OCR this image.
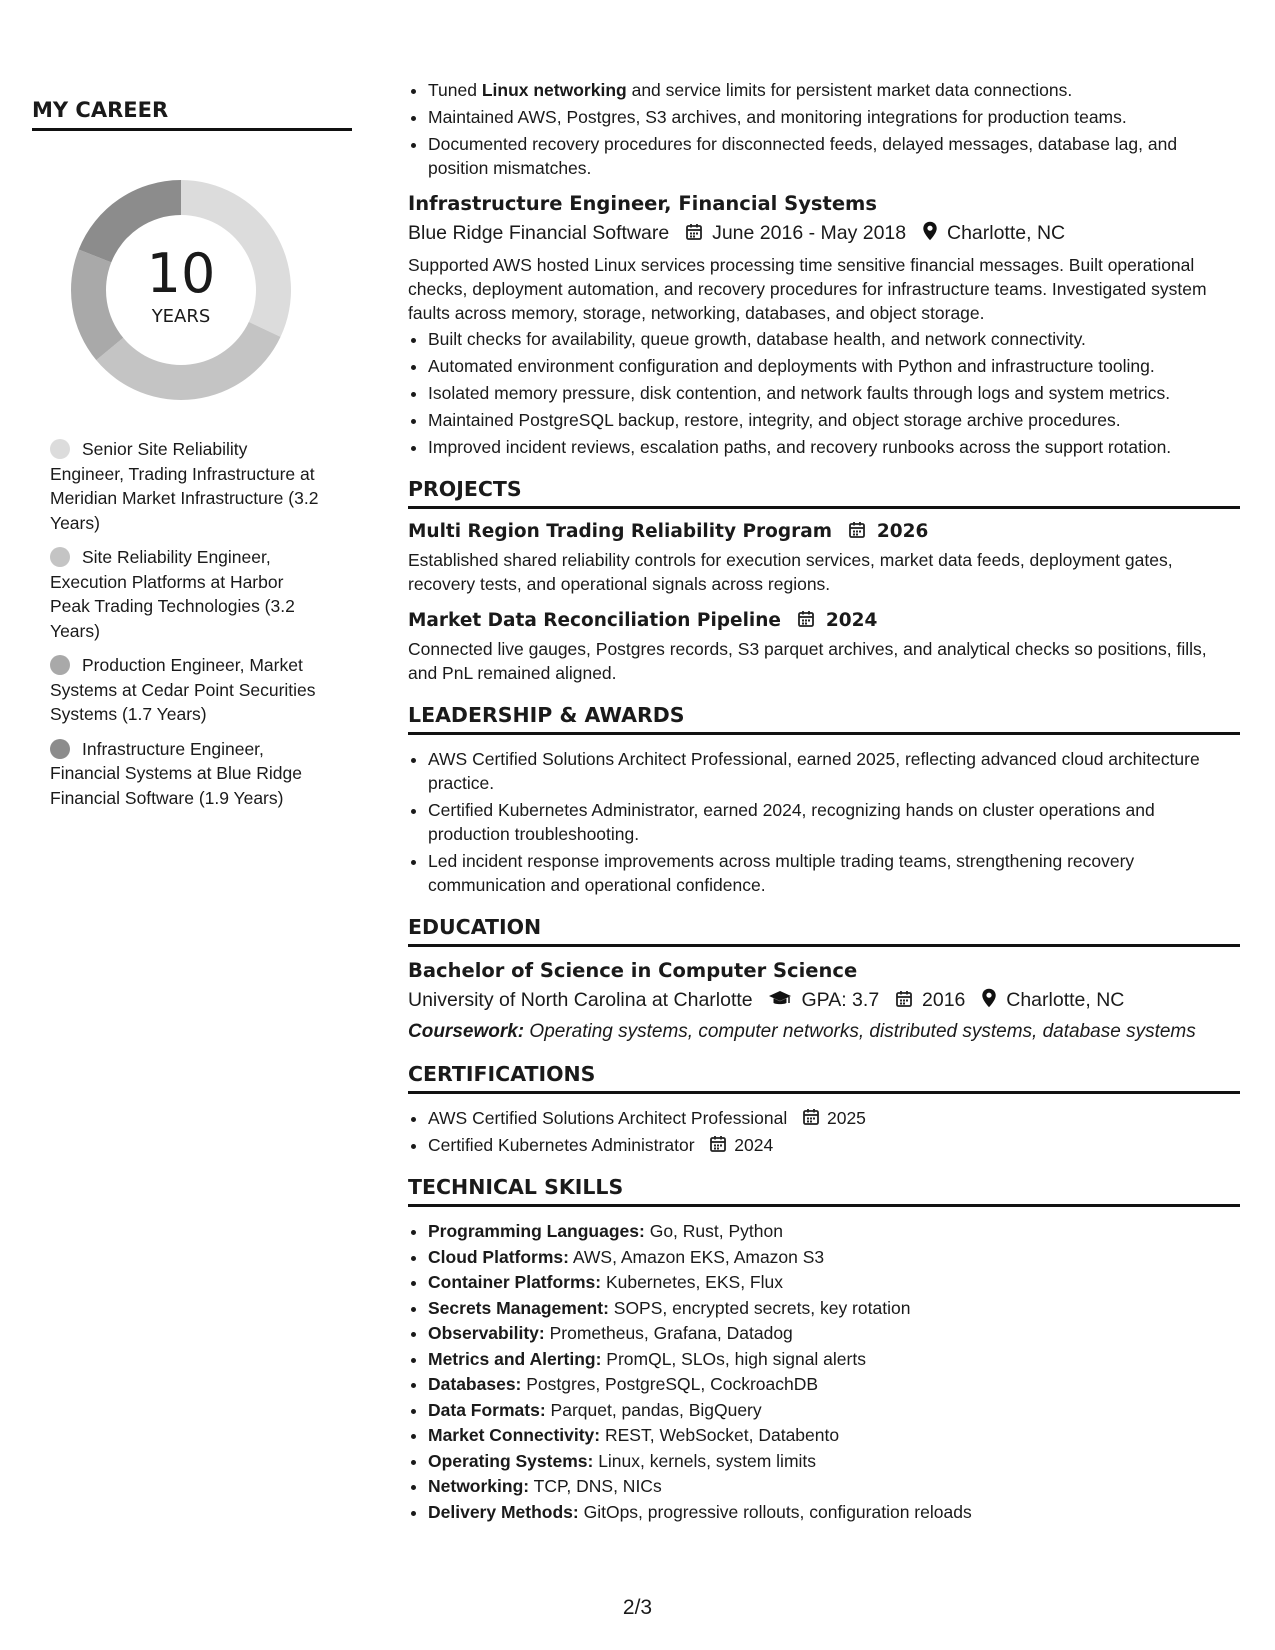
MY CAREER
10
YEARS
Senior Site Reliability Engineer, Trading Infrastructure at Meridian Market Infrastructure (3.2 Years)
Site Reliability Engineer, Execution Platforms at Harbor Peak Trading Technologies (3.2 Years)
Production Engineer, Market Systems at Cedar Point Securities Systems (1.7 Years)
Infrastructure Engineer, Financial Systems at Blue Ridge Financial Software (1.9 Years)
• Tuned Linux networking and service limits for persistent market data connections.
• Maintained AWS, Postgres, S3 archives, and monitoring integrations for production teams.
• Documented recovery procedures for disconnected feeds, delayed messages, database lag, and position mismatches.
Infrastructure Engineer, Financial Systems
Blue Ridge Financial Software June 2016 - May 2018 Charlotte, NC
Supported AWS hosted Linux services processing time sensitive financial messages. Built operational checks, deployment automation, and recovery procedures for infrastructure teams. Investigated system faults across memory, storage, networking, databases, and object storage.
• Built checks for availability, queue growth, database health, and network connectivity.
• Automated environment configuration and deployments with Python and infrastructure tooling.
• Isolated memory pressure, disk contention, and network faults through logs and system metrics.
• Maintained PostgreSQL backup, restore, integrity, and object storage archive procedures.
• Improved incident reviews, escalation paths, and recovery runbooks across the support rotation.
PROJECTS
Multi Region Trading Reliability Program 2026
Established shared reliability controls for execution services, market data feeds, deployment gates, recovery tests, and operational signals across regions.
Market Data Reconciliation Pipeline 2024
Connected live gauges, Postgres records, S3 parquet archives, and analytical checks so positions, fills, and PnL remained aligned.
LEADERSHIP & AWARDS
• AWS Certified Solutions Architect Professional, earned 2025, reflecting advanced cloud architecture practice.
• Certified Kubernetes Administrator, earned 2024, recognizing hands on cluster operations and production troubleshooting.
• Led incident response improvements across multiple trading teams, strengthening recovery communication and operational confidence.
EDUCATION
Bachelor of Science in Computer Science
University of North Carolina at Charlotte	GPA: 3.7 2016 Charlotte, NC
Coursework: Operating systems, computer networks, distributed systems, database systems
CERTIFICATIONS
• AWS Certified Solutions Architect Professional 2025
• Certified Kubernetes Administrator 2024
TECHNICAL SKILLS
• Programming Languages: Go, Rust, Python
• Cloud Platforms: AWS, Amazon EKS, Amazon S3
• Container Platforms: Kubernetes, EKS, Flux
• Secrets Management: SOPS, encrypted secrets, key rotation
• Observability: Prometheus, Grafana, Datadog
• Metrics and Alerting: PromQL, SLOs, high signal alerts
• Databases: Postgres, PostgreSQL, CockroachDB
• Data Formats: Parquet, pandas, BigQuery
• Market Connectivity: REST, WebSocket, Databento
• Operating Systems: Linux, kernels, system limits
• Networking: TCP, DNS, NICs
• Delivery Methods: GitOps, progressive rollouts, configuration reloads
2/3
